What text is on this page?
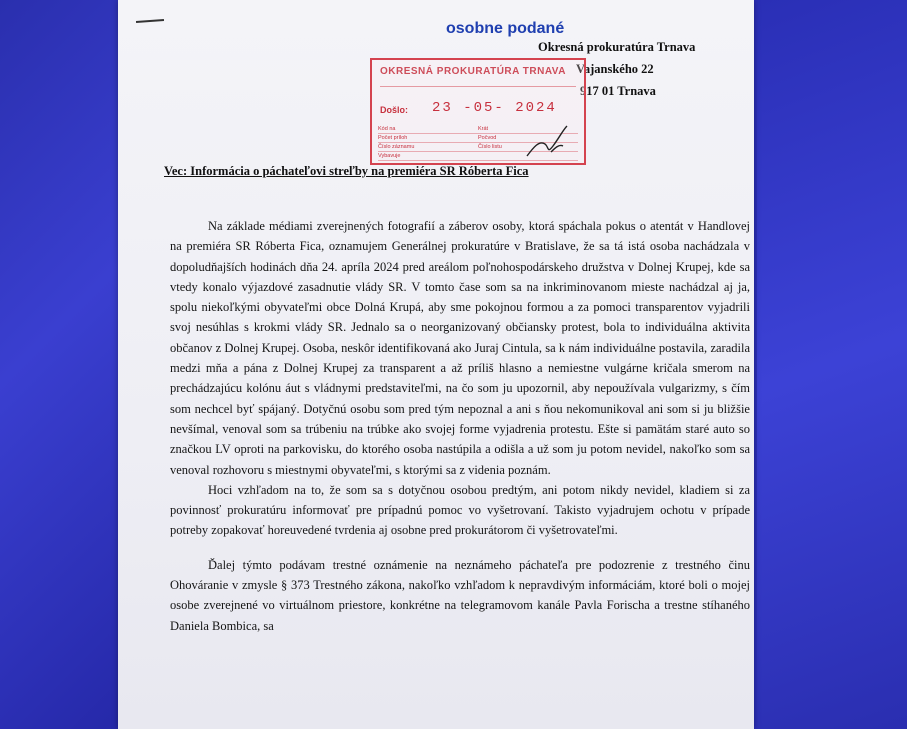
osobne podané
Okresná prokuratúra Trnava
Vajanského 22
917 01 Trnava
OKRESNÁ PROKURATÚRA TRNAVA
Došlo: 23 -05- 2024
Kód na	Krát
Počet príloh	Počvod
Číslo záznamu	Číslo listu
Vybavuje
Vec: Informácia o páchateľovi streľby na premiéra SR Róberta Fica

Na základe médiami zverejnených fotografií a záberov osoby, ktorá spáchala pokus o atentát v Handlovej na premiéra SR Róberta Fica, oznamujem Generálnej prokuratúre v Bratislave, že sa tá istá osoba nachádzala v dopoludňajších hodinách dňa 24. apríla 2024 pred areálom poľnohospodárskeho družstva v Dolnej Krupej, kde sa vtedy konalo výjazdové zasadnutie vlády SR. V tomto čase som sa na inkriminovanom mieste nachádzal aj ja, spolu niekoľkými obyvateľmi obce Dolná Krupá, aby sme pokojnou formou a za pomoci transparentov vyjadrili svoj nesúhlas s krokmi vlády SR. Jednalo sa o neorganizovaný občiansky protest, bola to individuálna aktivita občanov z Dolnej Krupej. Osoba, neskôr identifikovaná ako Juraj Cintula, sa k nám individuálne postavila, zaradila medzi mňa a pána z Dolnej Krupej za transparent a až príliš hlasno a nemiestne vulgárne kričala smerom na prechádzajúcu kolónu áut s vládnymi predstaviteľmi, na čo som ju upozornil, aby nepoužívala vulgarizmy, s čím som nechcel byť spájaný. Dotyčnú osobu som pred tým nepoznal a ani s ňou nekomunikoval ani som si ju bližšie nevšímal, venoval som sa trúbeniu na trúbke ako svojej forme vyjadrenia protestu. Ešte si pamätám staré auto so značkou LV oproti na parkovisku, do ktorého osoba nastúpila a odišla a už som ju potom nevidel, nakoľko som sa venoval rozhovoru s miestnymi obyvateľmi, s ktorými sa z videnia poznám.

Hoci vzhľadom na to, že som sa s dotyčnou osobou predtým, ani potom nikdy nevidel, kladiem si za povinnosť prokuratúru informovať pre prípadnú pomoc vo vyšetrovaní. Takisto vyjadrujem ochotu v prípade potreby zopakovať horeuvedené tvrdenia aj osobne pred prokurátorom či vyšetrovateľmi.

Ďalej týmto podávam trestné oznámenie na neznámeho páchateľa pre podozrenie z trestného činu Ohováranie v zmysle § 373 Trestného zákona, nakoľko vzhľadom k nepravdivým informáciám, ktoré boli o mojej osobe zverejnené vo virtuálnom priestore, konkrétne na telegramovom kanále Pavla Forischa a trestne stíhaného Daniela Bombica, sa
